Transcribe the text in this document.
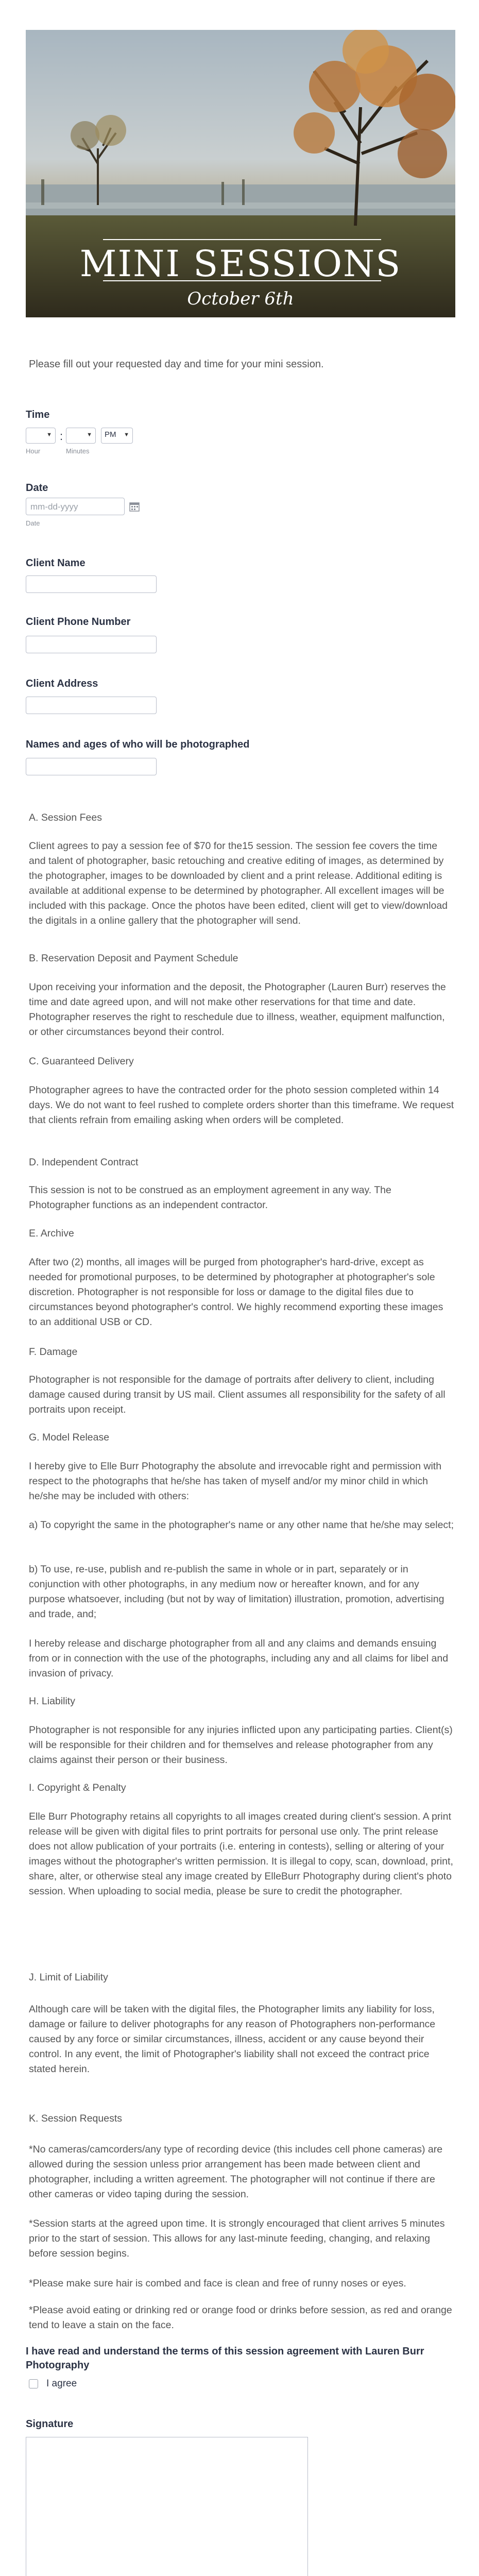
MINI SESSIONS
October 6th
Please fill out your requested day and time for your mini session.
Time
▼ :	▼	PM ▼
Hour	Minutes
Date
mm-dd-yyyy
Date
Client Name
Client Phone Number
Client Address
Names and ages of who will be photographed

A. Session Fees

Client agrees to pay a session fee of $70 for the15 session. The session fee covers the time and talent of photographer, basic retouching and creative editing of images, as determined by the photographer, images to be downloaded by client and a print release. Additional editing is available at additional expense to be determined by photographer. All excellent images will be included with this package. Once the photos have been edited, client will get to view/download the digitals in a online gallery that the photographer will send.

B. Reservation Deposit and Payment Schedule

Upon receiving your information and the deposit, the Photographer (Lauren Burr) reserves the time and date agreed upon, and will not make other reservations for that time and date. Photographer reserves the right to reschedule due to illness, weather, equipment malfunction, or other circumstances beyond their control.

C. Guaranteed Delivery

Photographer agrees to have the contracted order for the photo session completed within 14 days. We do not want to feel rushed to complete orders shorter than this timeframe. We request that clients refrain from emailing asking when orders will be completed.

D. Independent Contract

This session is not to be construed as an employment agreement in any way. The Photographer functions as an independent contractor.

E. Archive

After two (2) months, all images will be purged from photographer's hard-drive, except as needed for promotional purposes, to be determined by photographer at photographer's sole discretion. Photographer is not responsible for loss or damage to the digital files due to circumstances beyond photographer's control. We highly recommend exporting these images to an additional USB or CD.

F. Damage

Photographer is not responsible for the damage of portraits after delivery to client, including damage caused during transit by US mail. Client assumes all responsibility for the safety of all portraits upon receipt.

G. Model Release

I hereby give to Elle Burr Photography the absolute and irrevocable right and permission with respect to the photographs that he/she has taken of myself and/or my minor child in which he/she may be included with others:

a) To copyright the same in the photographer's name or any other name that he/she may select;

b) To use, re-use, publish and re-publish the same in whole or in part, separately or in conjunction with other photographs, in any medium now or hereafter known, and for any purpose whatsoever, including (but not by way of limitation) illustration, promotion, advertising and trade, and;

I hereby release and discharge photographer from all and any claims and demands ensuing from or in connection with the use of the photographs, including any and all claims for libel and invasion of privacy.

H. Liability

Photographer is not responsible for any injuries inflicted upon any participating parties. Client(s) will be responsible for their children and for themselves and release photographer from any claims against their person or their business.

I. Copyright & Penalty

Elle Burr Photography retains all copyrights to all images created during client's session. A print release will be given with digital files to print portraits for personal use only. The print release does not allow publication of your portraits (i.e. entering in contests), selling or altering of your images without the photographer's written permission. It is illegal to copy, scan, download, print, share, alter, or otherwise steal any image created by ElleBurr Photography during client's photo session. When uploading to social media, please be sure to credit the photographer.

J. Limit of Liability

Although care will be taken with the digital files, the Photographer limits any liability for loss, damage or failure to deliver photographs for any reason of Photographers non-performance caused by any force or similar circumstances, illness, accident or any cause beyond their control. In any event, the limit of Photographer's liability shall not exceed the contract price stated herein.

K. Session Requests

*No cameras/camcorders/any type of recording device (this includes cell phone cameras) are allowed during the session unless prior arrangement has been made between client and photographer, including a written agreement. The photographer will not continue if there are other cameras or video taping during the session.

*Session starts at the agreed upon time. It is strongly encouraged that client arrives 5 minutes prior to the start of session. This allows for any last-minute feeding, changing, and relaxing before session begins.

*Please make sure hair is combed and face is clean and free of runny noses or eyes.

*Please avoid eating or drinking red or orange food or drinks before session, as red and orange tend to leave a stain on the face.

I have read and understand the terms of this session agreement with Lauren Burr Photography
I agree
Signature
